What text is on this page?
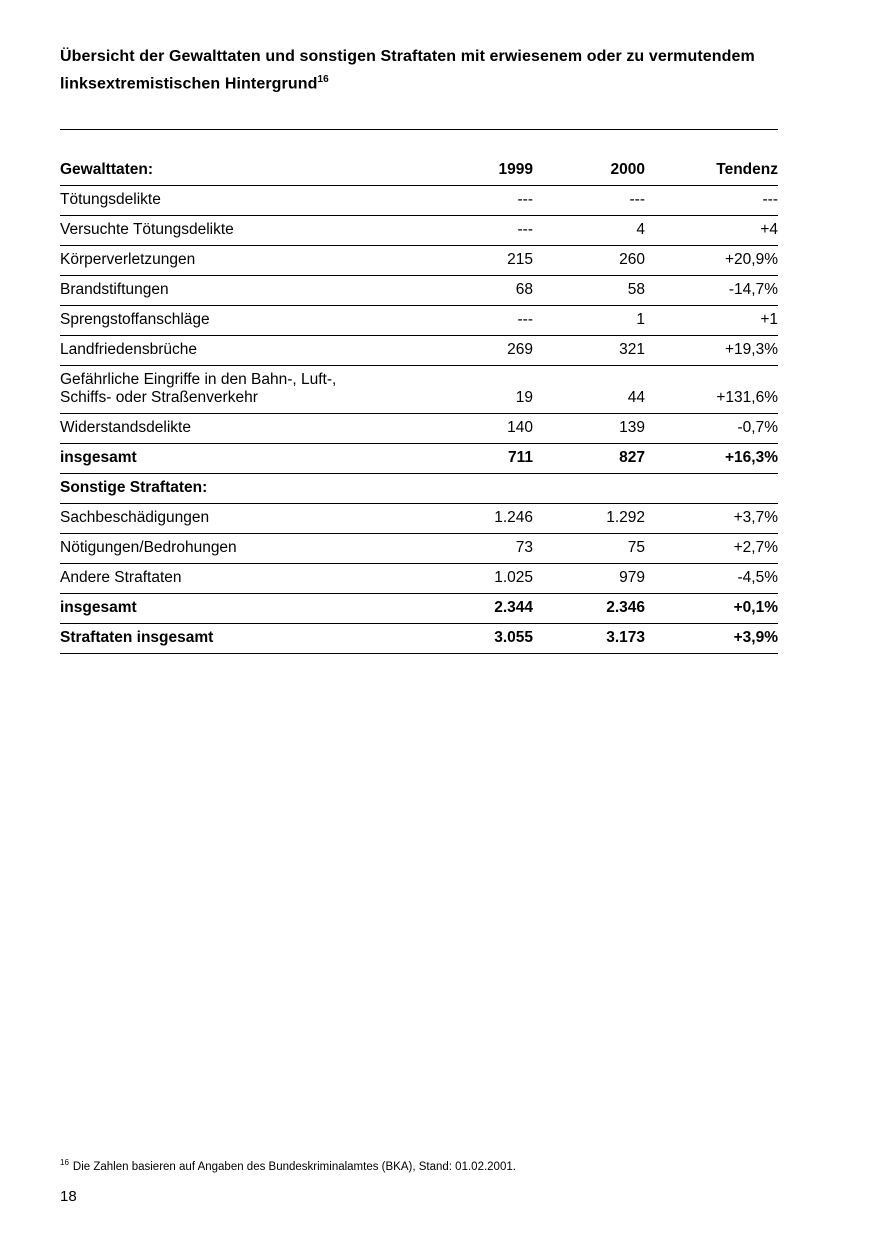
Übersicht der Gewalttaten und sonstigen Straftaten mit erwiesenem oder zu vermutendem linksextremistischen Hintergrund$^{16}$
Gewalttaten:	1999	2000	Tendenz
Tötungsdelikte	---	---	---
Versuchte Tötungsdelikte	---	4	+4
Körperverletzungen	215	260	+20,9%
Brandstiftungen	68	58	-14,7%
Sprengstoffanschläge	---	1	+1
Landfriedensbrüche	269	321	+19,3%
Gefährliche Eingriffe in den Bahn-, Luft-,
Schiffs- oder Straßenverkehr	19	44	+131,6%
Widerstandsdelikte	140	139	-0,7%
insgesamt	711	827	+16,3%
Sonstige Straftaten:
Sachbeschädigungen	1.246	1.292	+3,7%
Nötigungen/Bedrohungen	73	75	+2,7%
Andere Straftaten	1.025	979	-4,5%
insgesamt	2.344	2.346	+0,1%
Straftaten insgesamt	3.055	3.173	+3,9%
$^{16}$ Die Zahlen basieren auf Angaben des Bundeskriminalamtes (BKA), Stand: 01.02.2001.
18
